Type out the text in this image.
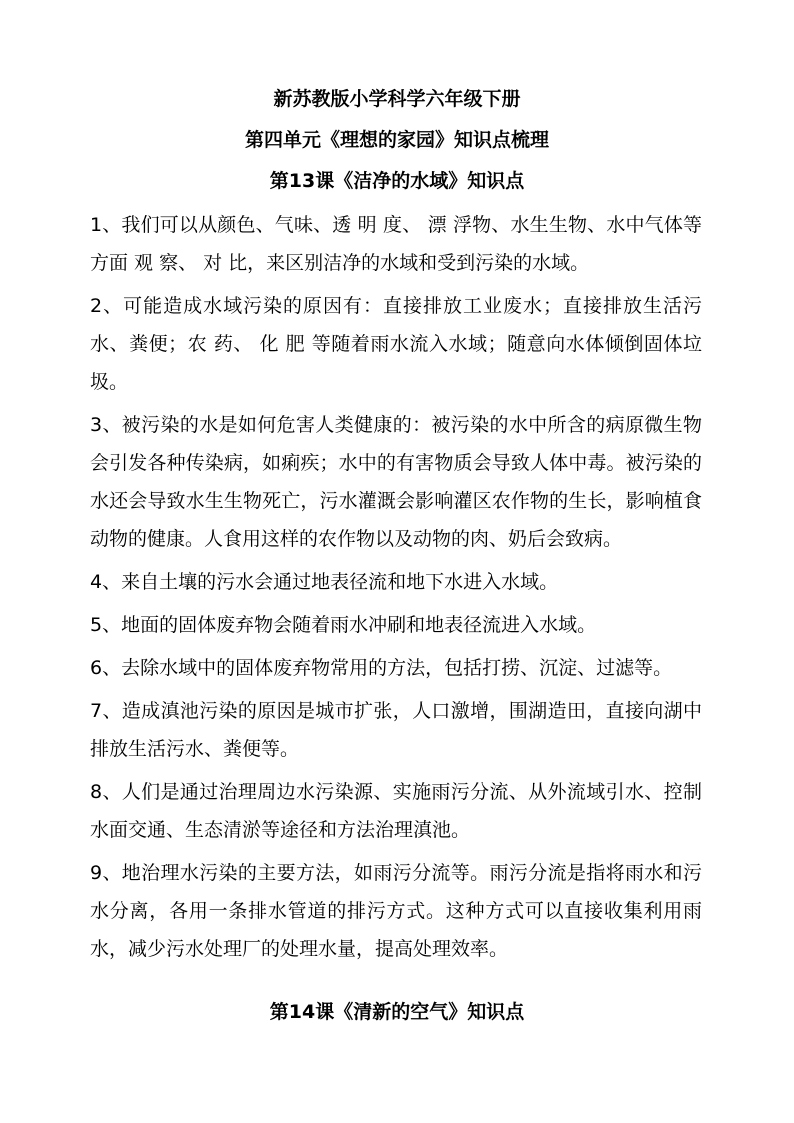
新苏教版小学科学六年级下册
第四单元《理想的家园》知识点梳理
第13课《洁净的水域》知识点

1、我们可以从颜色、气味、透 明 度、 漂 浮物、水生生物、水中气体等方面 观 察、 对 比，来区别洁净的水域和受到污染的水域。

2、可能造成水域污染的原因有：直接排放工业废水；直接排放生活污水、粪便；农 药、 化 肥 等随着雨水流入水域；随意向水体倾倒固体垃圾。

3、被污染的水是如何危害人类健康的：被污染的水中所含的病原微生物会引发各种传染病，如痢疾；水中的有害物质会导致人体中毒。被污染的水还会导致水生生物死亡，污水灌溉会影响灌区农作物的生长，影响植食动物的健康。人食用这样的农作物以及动物的肉、奶后会致病。

4、来自土壤的污水会通过地表径流和地下水进入水域。

5、地面的固体废弃物会随着雨水冲刷和地表径流进入水域。

6、去除水域中的固体废弃物常用的方法，包括打捞、沉淀、过滤等。

7、造成滇池污染的原因是城市扩张，人口激增，围湖造田，直接向湖中排放生活污水、粪便等。

8、人们是通过治理周边水污染源、实施雨污分流、从外流域引水、控制水面交通、生态清淤等途径和方法治理滇池。

9、地治理水污染的主要方法，如雨污分流等。雨污分流是指将雨水和污水分离，各用一条排水管道的排污方式。这种方式可以直接收集利用雨水，减少污水处理厂的处理水量，提高处理效率。

第14课《清新的空气》知识点
